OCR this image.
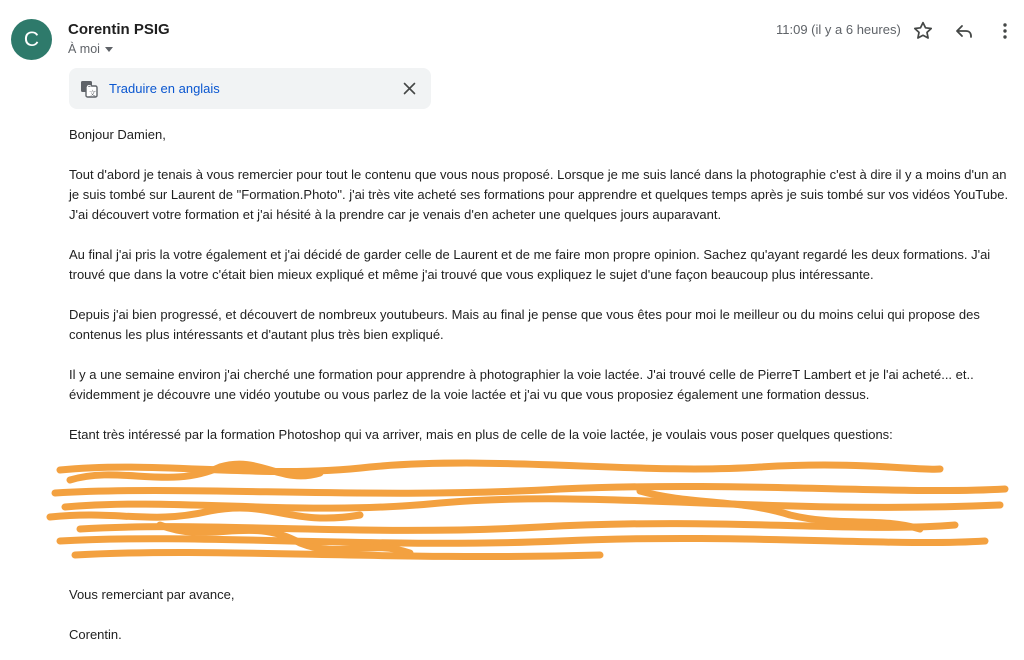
C	Corentin PSIG
À moi
11:09 (il y a 6 heures)
G
文 Traduire en anglais

Bonjour Damien,

Tout d'abord je tenais à vous remercier pour tout le contenu que vous nous proposé. Lorsque je me suis lancé dans la photographie c'est à dire il y a moins d'un an je suis tombé sur Laurent de "Formation.Photo". j'ai très vite acheté ses formations pour apprendre et quelques temps après je suis tombé sur vos vidéos YouTube. J'ai découvert votre formation et j'ai hésité à la prendre car je venais d'en acheter une quelques jours auparavant.

Au final j'ai pris la votre également et j'ai décidé de garder celle de Laurent et de me faire mon propre opinion. Sachez qu'ayant regardé les deux formations. J'ai trouvé que dans la votre c'était bien mieux expliqué et même j'ai trouvé que vous expliquez le sujet d'une façon beaucoup plus intéressante.

Depuis j'ai bien progressé, et découvert de nombreux youtubeurs. Mais au final je pense que vous êtes pour moi le meilleur ou du moins celui qui propose des contenus les plus intéressants et d'autant plus très bien expliqué.

Il y a une semaine environ j'ai cherché une formation pour apprendre à photographier la voie lactée. J'ai trouvé celle de PierreT Lambert et je l'ai acheté... et.. évidemment je découvre une vidéo youtube ou vous parlez de la voie lactée et j'ai vu que vous proposiez également une formation dessus.

Etant très intéressé par la formation Photoshop qui va arriver, mais en plus de celle de la voie lactée, je voulais vous poser quelques questions:

Vous remerciant par avance,

Corentin.
